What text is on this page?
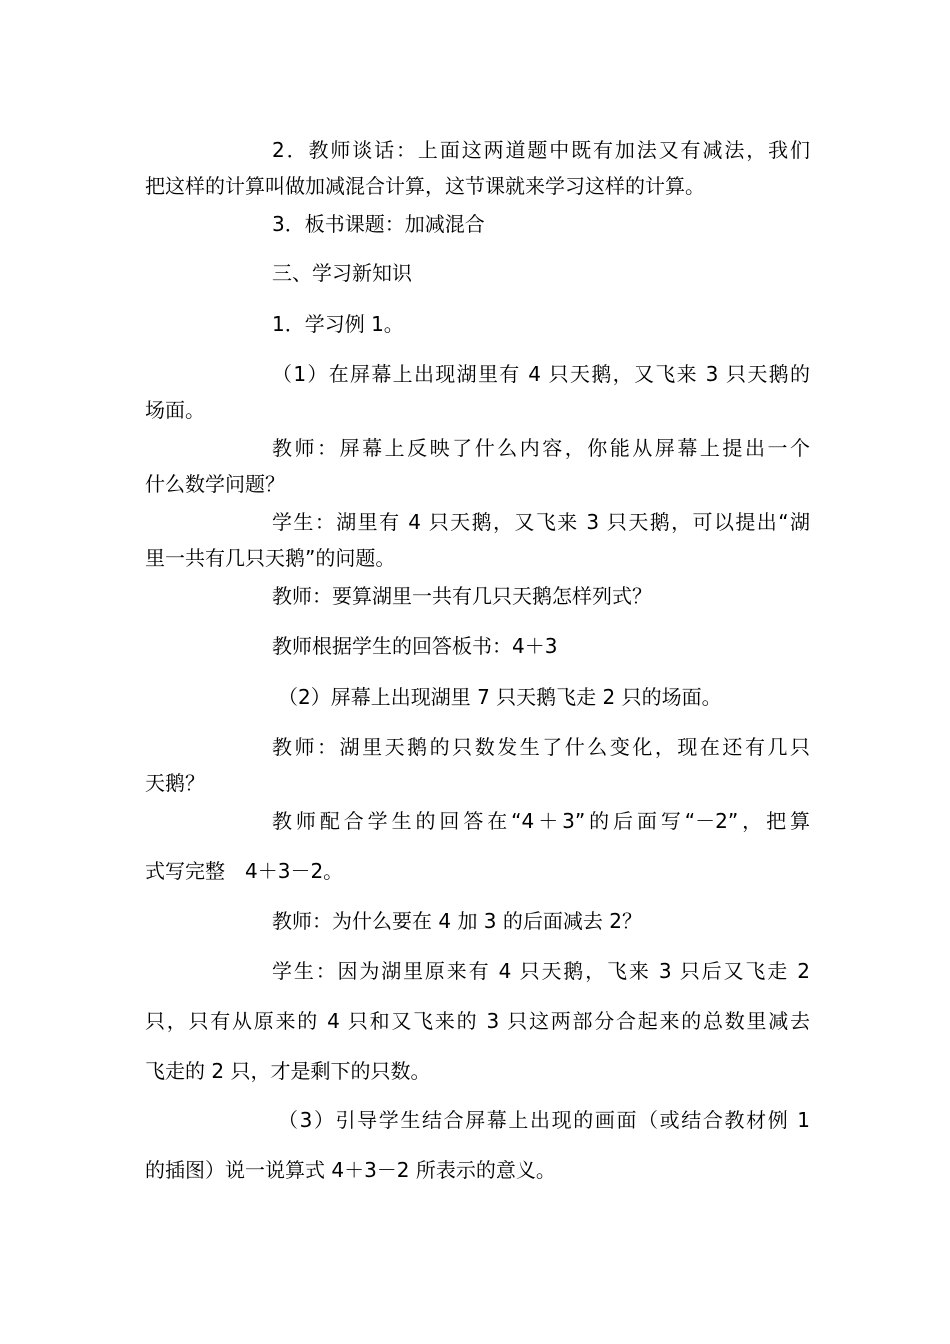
2．教师谈话：上面这两道题中既有加法又有减法，我们
把这样的计算叫做加减混合计算，这节课就来学习这样的计算。
3．板书课题：加减混合
三、学习新知识
1．学习例 1。
（1）在屏幕上出现湖里有 4 只天鹅，又飞来 3 只天鹅的
场面。
教师：屏幕上反映了什么内容，你能从屏幕上提出一个
什么数学问题？
学生：湖里有 4 只天鹅，又飞来 3 只天鹅，可以提出“湖
里一共有几只天鹅”的问题。
教师：要算湖里一共有几只天鹅怎样列式？
教师根据学生的回答板书：4＋3
（2）屏幕上出现湖里 7 只天鹅飞走 2 只的场面。
教师：湖里天鹅的只数发生了什么变化，现在还有几只
天鹅？
教师配合学生的回答在“4＋3”的后面写“－2”，把算
式写完整　4＋3－2。
教师：为什么要在 4 加 3 的后面减去 2？
学生：因为湖里原来有 4 只天鹅，飞来 3 只后又飞走 2
只，只有从原来的 4 只和又飞来的 3 只这两部分合起来的总数里减去
飞走的 2 只，才是剩下的只数。
（3）引导学生结合屏幕上出现的画面（或结合教材例 1
的插图）说一说算式 4＋3－2 所表示的意义。
